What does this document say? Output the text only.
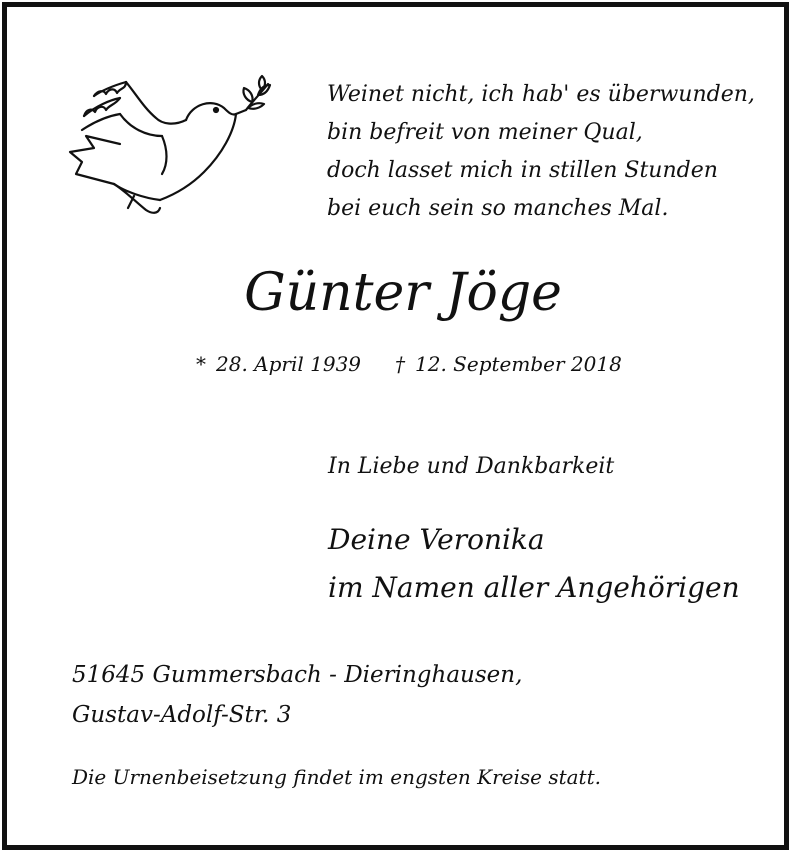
Weinet nicht, ich hab' es überwunden,
bin befreit von meiner Qual,
doch lasset mich in stillen Stunden
bei euch sein so manches Mal.
Günter Jöge
* 28. April 1939 † 12. September 2018
In Liebe und Dankbarkeit
Deine Veronika
im Namen aller Angehörigen
51645 Gummersbach - Dieringhausen,
Gustav-Adolf-Str. 3
Die Urnenbeisetzung findet im engsten Kreise statt.
